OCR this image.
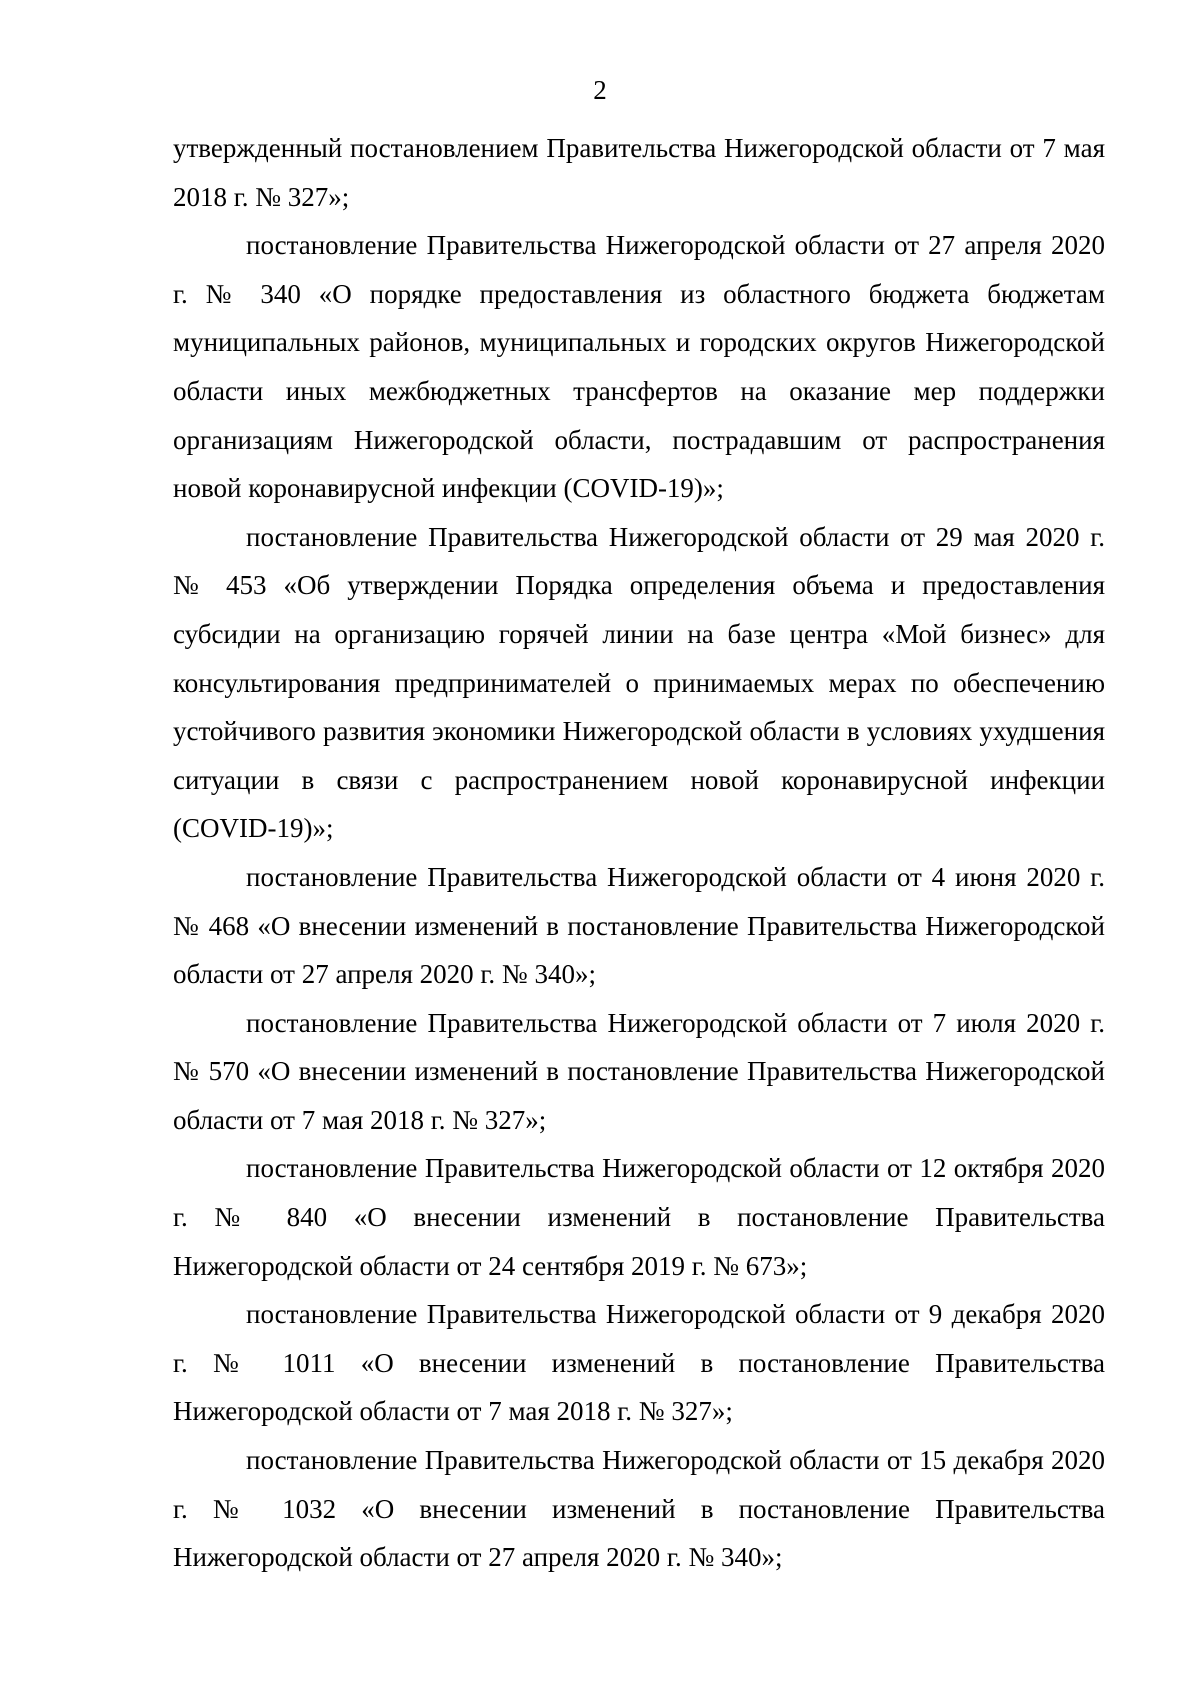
2

утвержденный постановлением Правительства Нижегородской области от 7 мая 2018 г. № 327»;

постановление Правительства Нижегородской области от 27 апреля 2020 г. № 340 «О порядке предоставления из областного бюджета бюджетам муниципальных районов, муниципальных и городских округов Нижегородской области иных межбюджетных трансфертов на оказание мер поддержки организациям Нижегородской области, пострадавшим от распространения новой коронавирусной инфекции (COVID-19)»;

постановление Правительства Нижегородской области от 29 мая 2020 г. № 453 «Об утверждении Порядка определения объема и предоставления субсидии на организацию горячей линии на базе центра «Мой бизнес» для консультирования предпринимателей о принимаемых мерах по обеспечению устойчивого развития экономики Нижегородской области в условиях ухудшения ситуации в связи с распространением новой коронавирусной инфекции (COVID-19)»;

постановление Правительства Нижегородской области от 4 июня 2020 г. № 468 «О внесении изменений в постановление Правительства Нижегородской области от 27 апреля 2020 г. № 340»;

постановление Правительства Нижегородской области от 7 июля 2020 г. № 570 «О внесении изменений в постановление Правительства Нижегородской области от 7 мая 2018 г. № 327»;

постановление Правительства Нижегородской области от 12 октября 2020 г. № 840 «О внесении изменений в постановление Правительства Нижегородской области от 24 сентября 2019 г. № 673»;

постановление Правительства Нижегородской области от 9 декабря 2020 г. № 1011 «О внесении изменений в постановление Правительства Нижегородской области от 7 мая 2018 г. № 327»;

постановление Правительства Нижегородской области от 15 декабря 2020 г. № 1032 «О внесении изменений в постановление Правительства Нижегородской области от 27 апреля 2020 г. № 340»;
